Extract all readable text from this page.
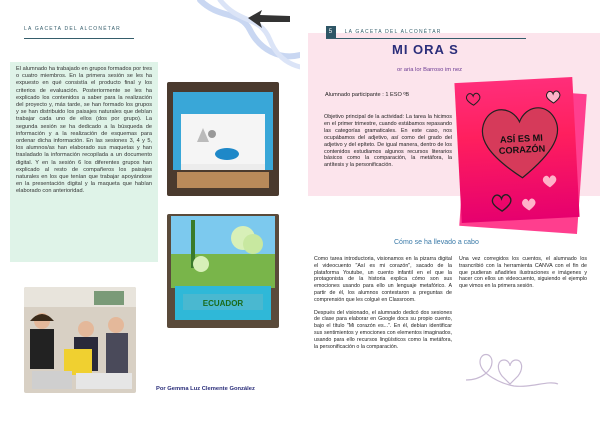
LA GACETA DEL ALCONÉTAR

El alumnado ha trabajado en grupos formados por tres o cuatro miembros. En la primera sesión se les ha expuesto en qué consistía el producto final y los criterios de evaluación. Posteriormente se les ha explicado los contenidos a saber para la realización del proyecto y, más tarde, se han formado los grupos y se han distribuido los paisajes naturales que debían trabajar cada uno de ellos (dos por grupo). La segunda sesión se ha dedicado a la búsqueda de información y a la realización de esquemas para ordenar dicha información. En las sesiones 3, 4 y 5, los alumnos/as han elaborado sus maquetas y han trasladado la información recopilada a un documento digital. Y en la sesión 6 los diferentes grupos han explicado al resto de compañeros los paisajes naturales en los que tenían que trabajar apoyándose en la presentación digital y la maqueta que habían elaborado con anterioridad.

ECUADOR
Por Gemma Luz Clemente González
5 LA GACETA DEL ALCONÉTAR
MI ORA S
or aria lor Barroso im nez
Alumnado participante : 1 ESO ºB
Objetivo principal de la actividad: La tarea la hicimos en el primer trimestre, cuando estábamos repasando las categorías gramaticales. En este caso, nos ocupábamos del adjetivo, así como del grado del adjetivo y del epíteto. De igual manera, dentro de los contenidos estudiamos algunos recursos literarios básicos como la comparación, la metáfora, la antítesis y la personificación.
ASÍ ES MI CORAZÓN
Cómo se ha llevado a cabo

Como tarea introductoria, visionamos en la pizarra digital el videocuento "Así es mi corazón", sacado de la plataforma Youtube, un cuento infantil en el que la protagonista de la historia explica cómo son sus emociones usando para ello un lenguaje metafórico. A partir de él, los alumnos contestaron a preguntas de comprensión que les colgué en Classroom.

Después del visionado, el alumnado dedicó dos sesiones de clase para elaborar en Google docs su propio cuento, bajo el título "Mi corazón es...". En él, debían identificar sus sentimientos y emociones con elementos imaginados, usando para ello recursos lingüísticos como la metáfora, la personificación o la comparación.

Una vez corregidos los cuentos, el alumnado los trasncribió con la herramienta CANVA con el fin de que pudieran añadirles ilustraciones e imágenes y hacer con ellos un videocuento, siguiendo el ejemplo que vimos en la primera sesión.
